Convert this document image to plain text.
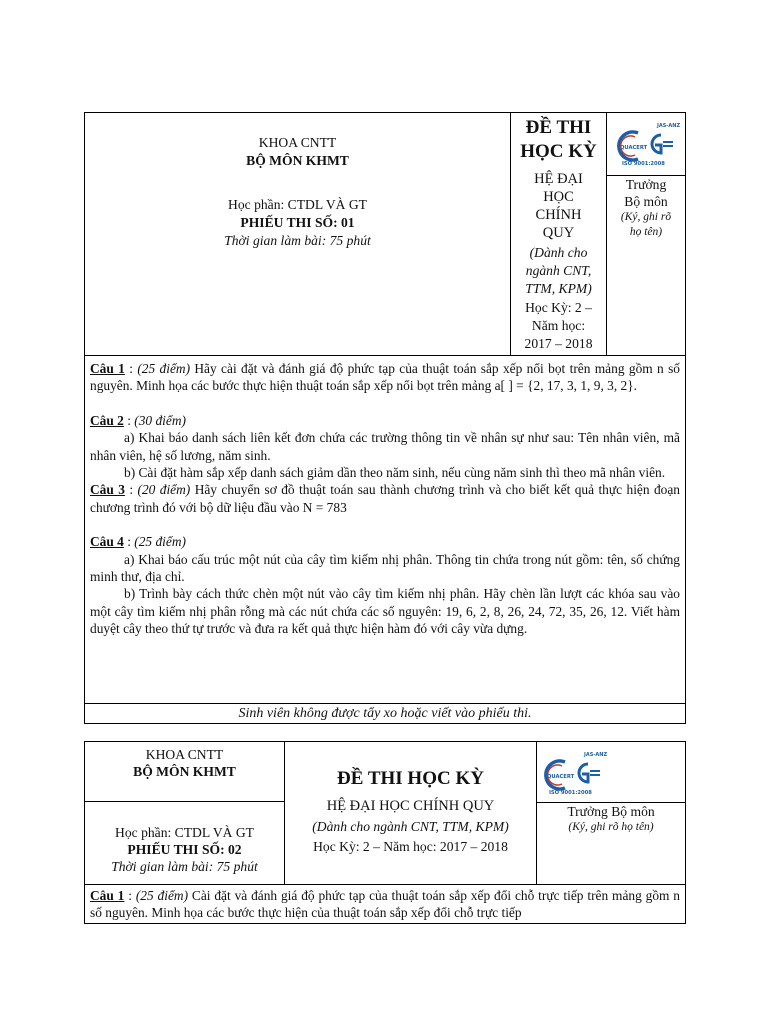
KHOA CNTT
BỘ MÔN KHMT
Học phần: CTDL VÀ GT
PHIẾU THI SỐ: 01
Thời gian làm bài: 75 phút
ĐỀ THI
HỌC KỲ
HỆ ĐẠI
HỌC
CHÍNH
QUY
(Dành cho
ngành CNT,
TTM, KPM)
Học Kỳ: 2 –
Năm học:
2017 – 2018
JAS-ANZ
QUACERT
ISO 9001:2008
Trưởng
Bộ môn
(Ký, ghi rõ
họ tên)

Câu 1 : (25 điểm) Hãy cài đặt và đánh giá độ phức tạp của thuật toán sắp xếp nổi bọt trên mảng gồm n số nguyên. Minh họa các bước thực hiện thuật toán sắp xếp nổi bọt trên mảng a[ ] = {2, 17, 3, 1, 9, 3, 2}.

Câu 2 : (30 điểm)

a) Khai báo danh sách liên kết đơn chứa các trường thông tin về nhân sự như sau: Tên nhân viên, mã nhân viên, hệ số lương, năm sinh.

b) Cài đặt hàm sắp xếp danh sách giảm dần theo năm sinh, nếu cùng năm sinh thì theo mã nhân viên.

Câu 3 : (20 điểm) Hãy chuyển sơ đồ thuật toán sau thành chương trình và cho biết kết quả thực hiện đoạn chương trình đó với bộ dữ liệu đầu vào N = 783

Câu 4 : (25 điểm)

a) Khai báo cấu trúc một nút của cây tìm kiếm nhị phân. Thông tin chứa trong nút gồm: tên, số chứng minh thư, địa chỉ.

b) Trình bày cách thức chèn một nút vào cây tìm kiếm nhị phân. Hãy chèn lần lượt các khóa sau vào một cây tìm kiếm nhị phân rỗng mà các nút chứa các số nguyên: 19, 6, 2, 8, 26, 24, 72, 35, 26, 12. Viết hàm duyệt cây theo thứ tự trước và đưa ra kết quả thực hiện hàm đó với cây vừa dựng.

Sinh viên không được tẩy xo hoặc viết vào phiếu thi.
KHOA CNTT
BỘ MÔN KHMT
Học phần: CTDL VÀ GT
PHIẾU THI SỐ: 02
Thời gian làm bài: 75 phút
ĐỀ THI HỌC KỲ
HỆ ĐẠI HỌC CHÍNH QUY
(Dành cho ngành CNT, TTM, KPM)
Học Kỳ: 2 – Năm học: 2017 – 2018
JAS-ANZ
QUACERT
ISO 9001:2008
Trưởng Bộ môn
(Ký, ghi rõ họ tên)

Câu 1 : (25 điểm) Cài đặt và đánh giá độ phức tạp của thuật toán sắp xếp đổi chỗ trực tiếp trên mảng gồm n số nguyên. Minh họa các bước thực hiện của thuật toán sắp xếp đổi chỗ trực tiếp
